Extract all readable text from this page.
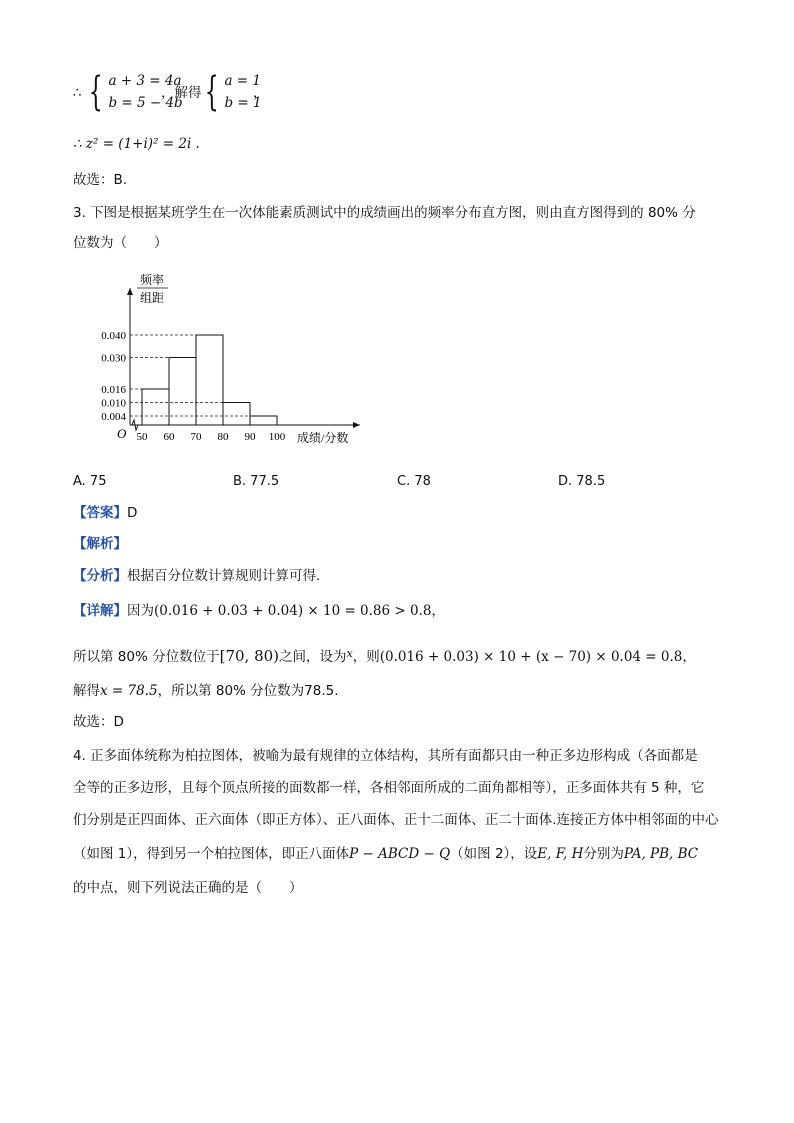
∴ { a + 3 = 4a
b = 5 − 4b
，解得 { a = 1
b = 1
，
∴ z² = (1+i)² = 2i .
故选：B.
3. 下图是根据某班学生在一次体能素质测试中的成绩画出的频率分布直方图，则由直方图得到的 80% 分
位数为（　　）
0.040
0.030
0.016
0.010
0.004
50 60 70 80 90 100
O
频率
组距
成绩/分数
A. 75	B. 77.5	C. 78	D. 78.5
【答案】D
【解析】
【分析】根据百分位数计算规则计算可得.
【详解】因为(0.016 + 0.03 + 0.04) × 10 = 0.86 > 0.8，
所以第 80% 分位数位于[70, 80)之间，设为$^x$，则(0.016 + 0.03) × 10 + (x − 70) × 0.04 = 0.8，
解得x = 78.5，所以第 80% 分位数为78.5.
故选：D
4. 正多面体统称为柏拉图体，被喻为最有规律的立体结构，其所有面都只由一种正多边形构成（各面都是
全等的正多边形，且每个顶点所接的面数都一样，各相邻面所成的二面角都相等），正多面体共有 5 种，它
们分别是正四面体、正六面体（即正方体）、正八面体、正十二面体、正二十面体.连接正方体中相邻面的中心
（如图 1），得到另一个柏拉图体，即正八面体P − ABCD − Q（如图 2），设E, F, H分别为PA, PB, BC
的中点，则下列说法正确的是（　　）
